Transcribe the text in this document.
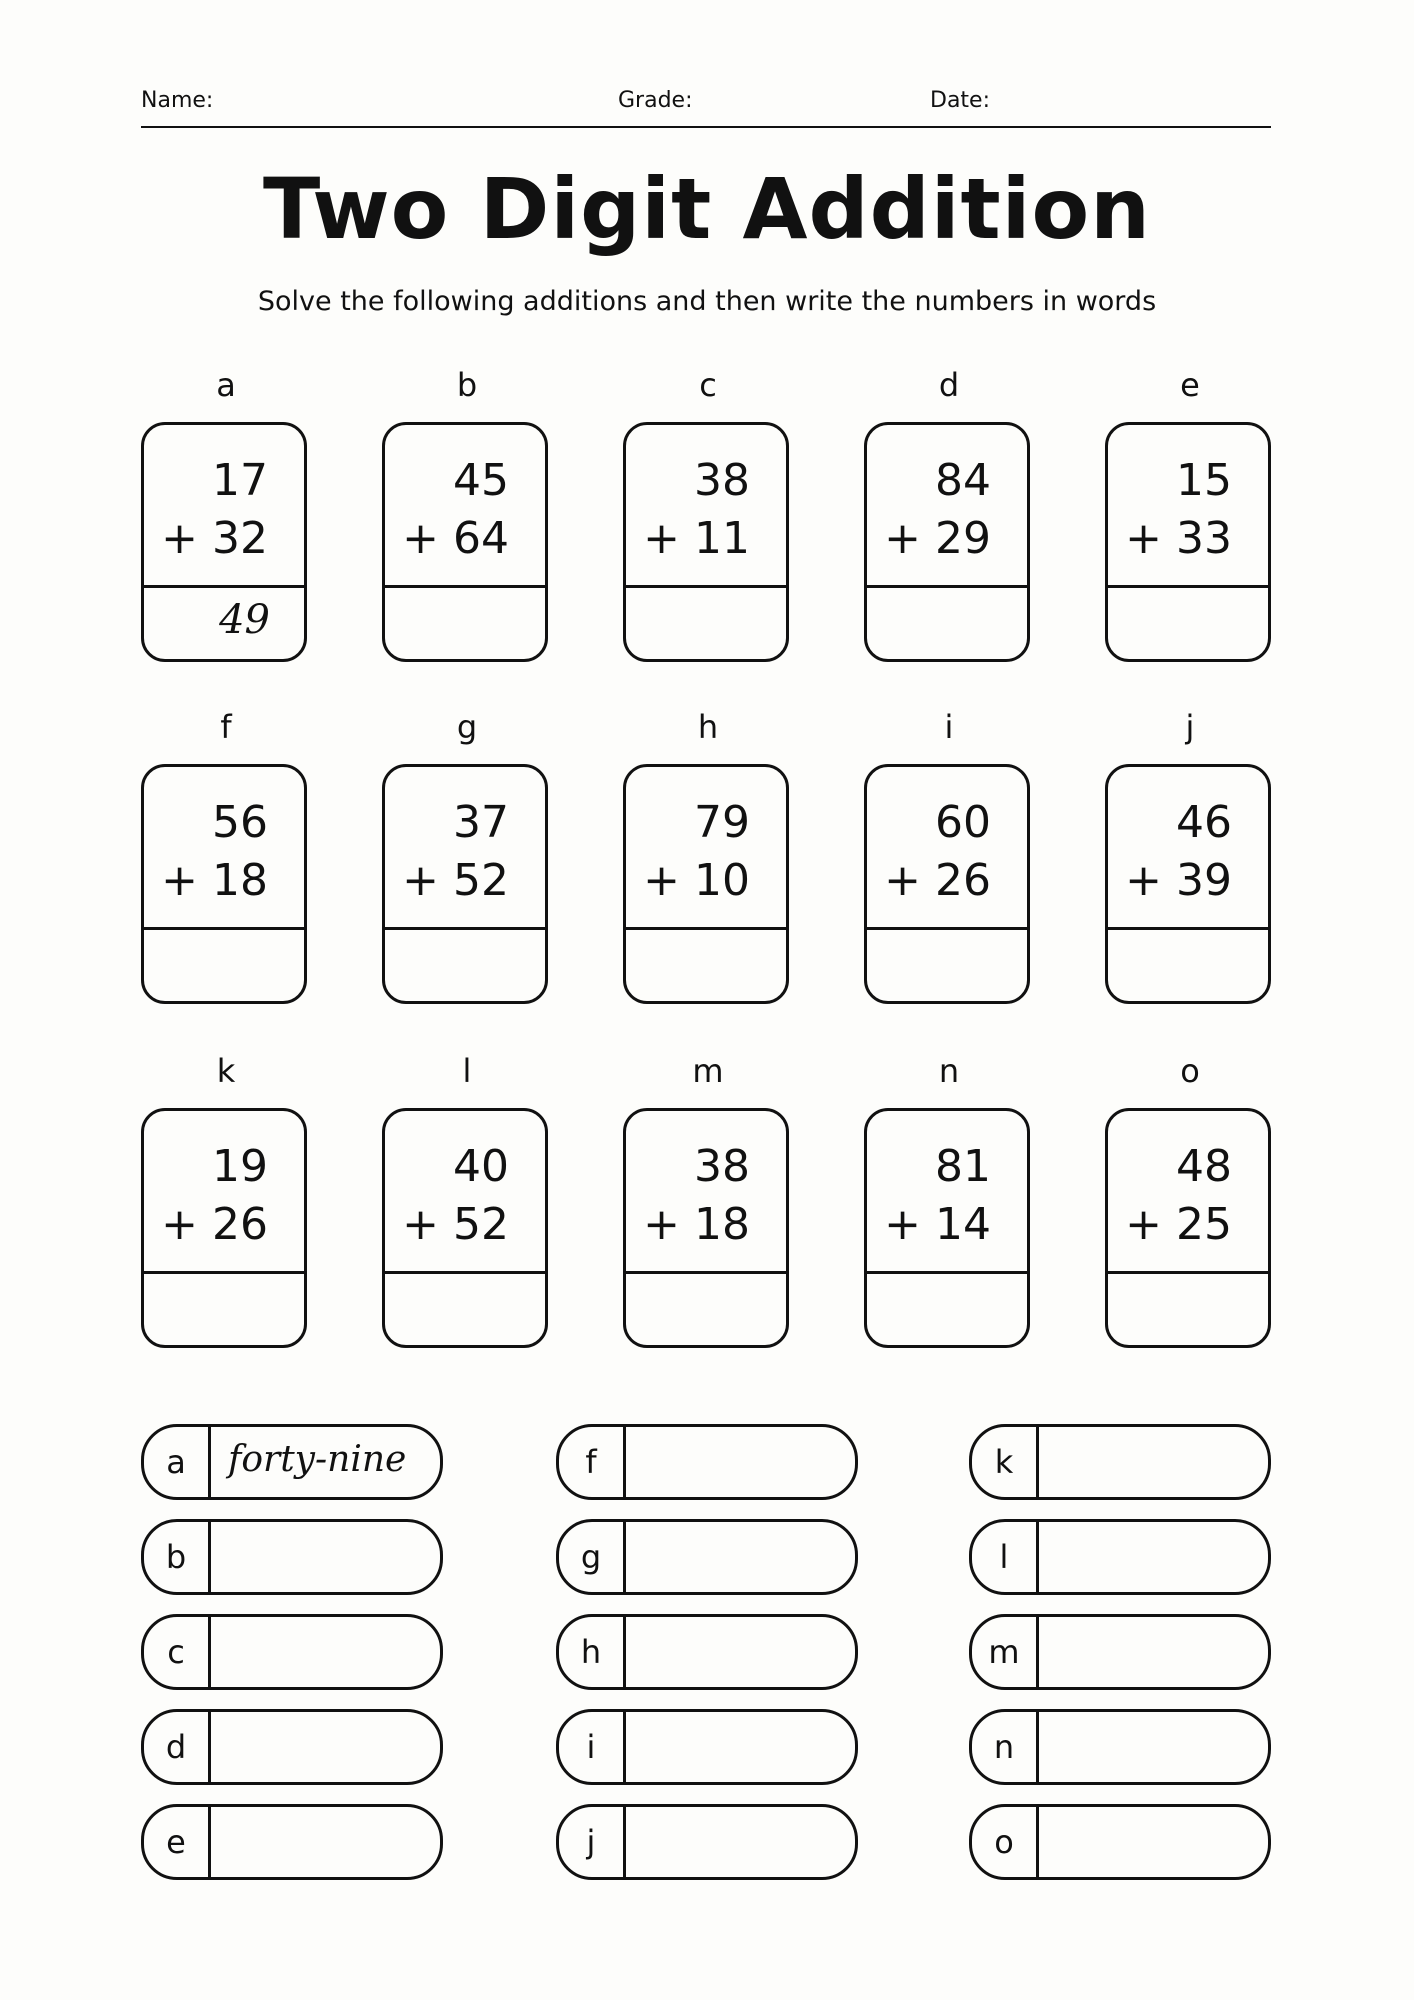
Name:	Grade:	Date:
Two Digit Addition
Solve the following additions and then write the numbers in words
a
17
+ 32
49
b
45
+ 64
c
38
+ 11
d
84
+ 29
e
15
+ 33
f
56
+ 18
g
37
+ 52
h
79
+ 10
i
60
+ 26
j
46
+ 39
k
19
+ 26
l
40
+ 52
m
38
+ 18
n
81
+ 14
o
48
+ 25
a	forty-nine
b
c
d
e
f
g
h
i
j
k
l
m
n
o
